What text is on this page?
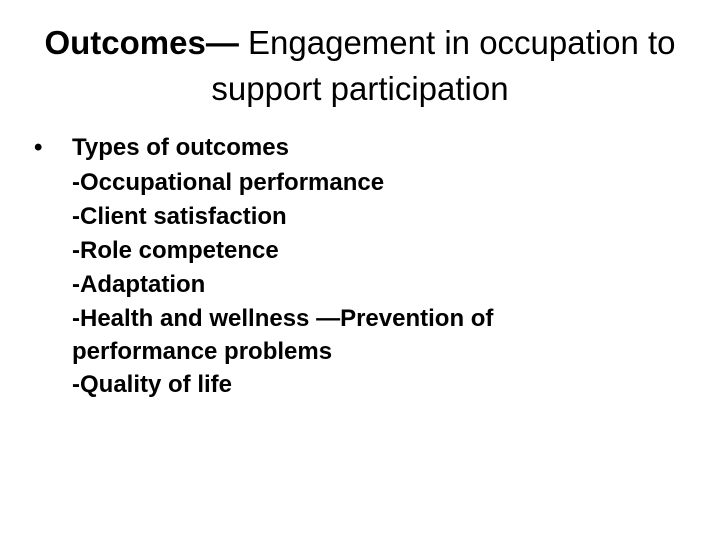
Outcomes— Engagement in occupation to support participation
•	Types of outcomes
-Occupational performance
-Client satisfaction
-Role competence
-Adaptation
-Health and wellness —Prevention of performance problems
-Quality of life
